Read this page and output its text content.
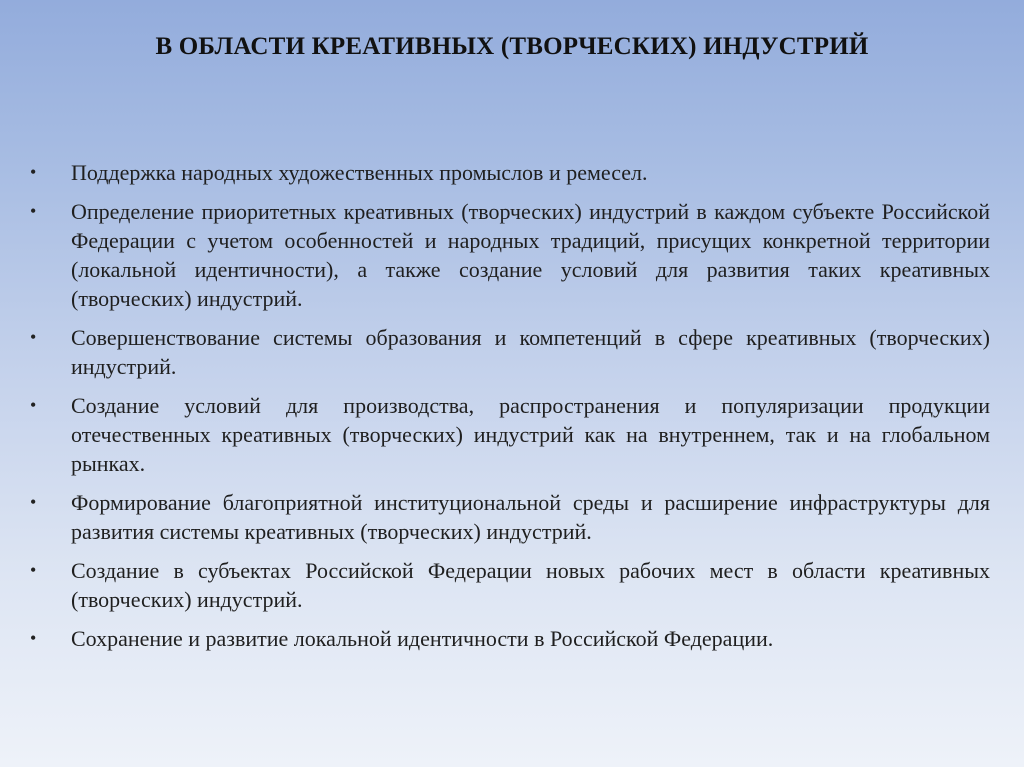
В ОБЛАСТИ КРЕАТИВНЫХ (ТВОРЧЕСКИХ) ИНДУСТРИЙ
•	Поддержка народных художественных промыслов и ремесел.
•	Определение приоритетных креативных (творческих) индустрий в каждом субъекте Российской Федерации с учетом особенностей и народных традиций, присущих конкретной территории (локальной идентичности), а также создание условий для развития таких креативных (творческих) индустрий.
•	Совершенствование системы образования и компетенций в сфере креативных (творческих) индустрий.
•	Создание условий для производства, распространения и популяризации продукции отечественных креативных (творческих) индустрий как на внутреннем, так и на глобальном рынках.
•	Формирование благоприятной институциональной среды и расширение инфраструктуры для развития системы креативных (творческих) индустрий.
•	Создание в субъектах Российской Федерации новых рабочих мест в области креативных (творческих) индустрий.
•	Сохранение и развитие локальной идентичности в Российской Федерации.
